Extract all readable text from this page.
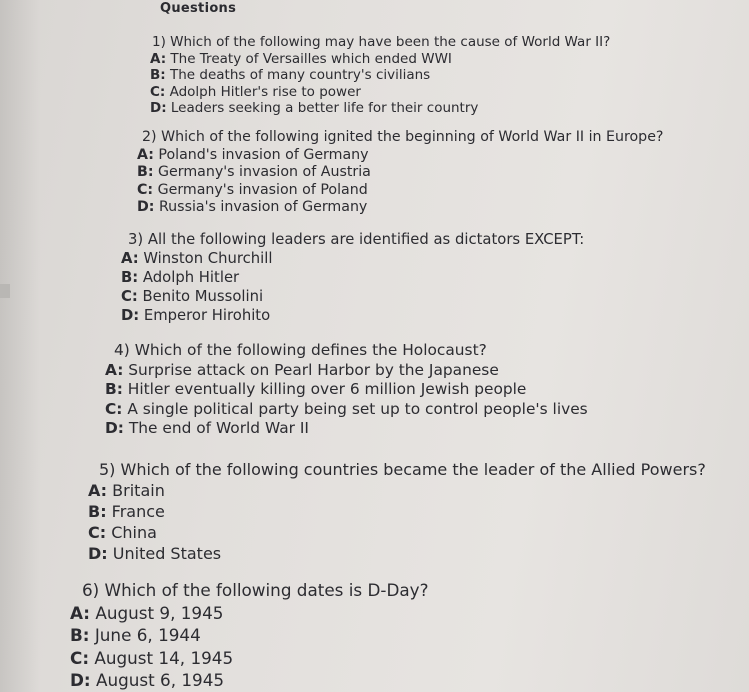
Questions
1) Which of the following may have been the cause of World War II?
A: The Treaty of Versailles which ended WWI
B: The deaths of many country's civilians
C: Adolph Hitler's rise to power
D: Leaders seeking a better life for their country
2) Which of the following ignited the beginning of World War II in Europe?
A: Poland's invasion of Germany
B: Germany's invasion of Austria
C: Germany's invasion of Poland
D: Russia's invasion of Germany
3) All the following leaders are identified as dictators EXCEPT:
A: Winston Churchill
B: Adolph Hitler
C: Benito Mussolini
D: Emperor Hirohito
4) Which of the following defines the Holocaust?
A: Surprise attack on Pearl Harbor by the Japanese
B: Hitler eventually killing over 6 million Jewish people
C: A single political party being set up to control people's lives
D: The end of World War II
5) Which of the following countries became the leader of the Allied Powers?
A: Britain
B: France
C: China
D: United States
6) Which of the following dates is D-Day?
A: August 9, 1945
B: June 6, 1944
C: August 14, 1945
D: August 6, 1945
